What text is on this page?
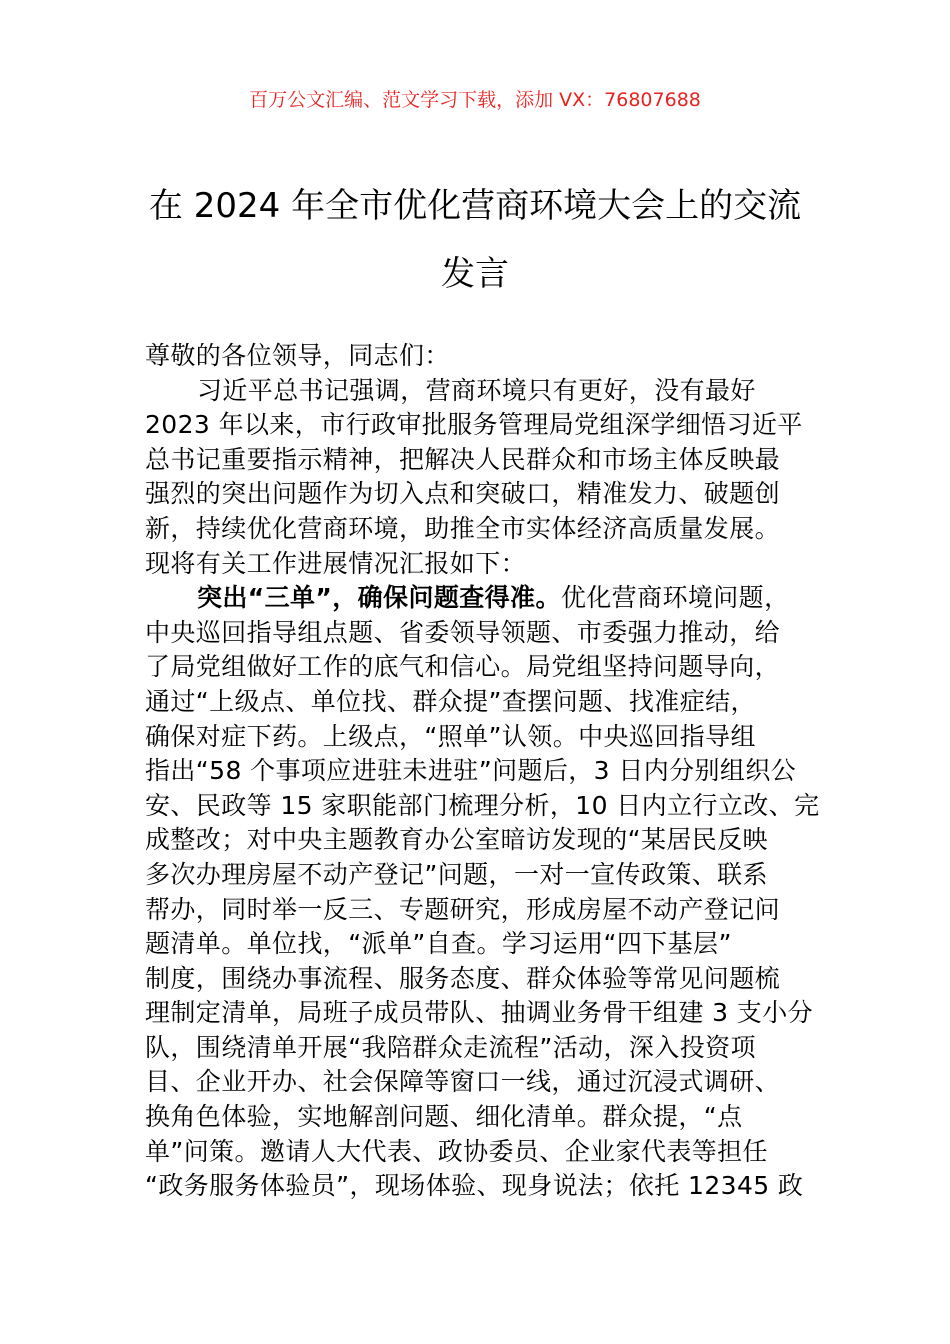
百万公文汇编、范文学习下载，添加 VX：76807688
在 2024 年全市优化营商环境大会上的交流
发言
尊敬的各位领导，同志们：
习近平总书记强调，营商环境只有更好，没有最好
2023 年以来，市行政审批服务管理局党组深学细悟习近平
总书记重要指示精神，把解决人民群众和市场主体反映最
强烈的突出问题作为切入点和突破口，精准发力、破题创
新，持续优化营商环境，助推全市实体经济高质量发展。
现将有关工作进展情况汇报如下：
突出“三单”，确保问题查得准。优化营商环境问题，
中央巡回指导组点题、省委领导领题、市委强力推动，给
了局党组做好工作的底气和信心。局党组坚持问题导向，
通过“上级点、单位找、群众提”查摆问题、找准症结，
确保对症下药。上级点，“照单”认领。中央巡回指导组
指出“58 个事项应进驻未进驻”问题后，3 日内分别组织公
安、民政等 15 家职能部门梳理分析，10 日内立行立改、完
成整改；对中央主题教育办公室暗访发现的“某居民反映
多次办理房屋不动产登记”问题，一对一宣传政策、联系
帮办，同时举一反三、专题研究，形成房屋不动产登记问
题清单。单位找，“派单”自查。学习运用“四下基层”
制度，围绕办事流程、服务态度、群众体验等常见问题梳
理制定清单，局班子成员带队、抽调业务骨干组建 3 支小分
队，围绕清单开展“我陪群众走流程”活动，深入投资项
目、企业开办、社会保障等窗口一线，通过沉浸式调研、
换角色体验，实地解剖问题、细化清单。群众提，“点
单”问策。邀请人大代表、政协委员、企业家代表等担任
“政务服务体验员”，现场体验、现身说法；依托 12345 政
